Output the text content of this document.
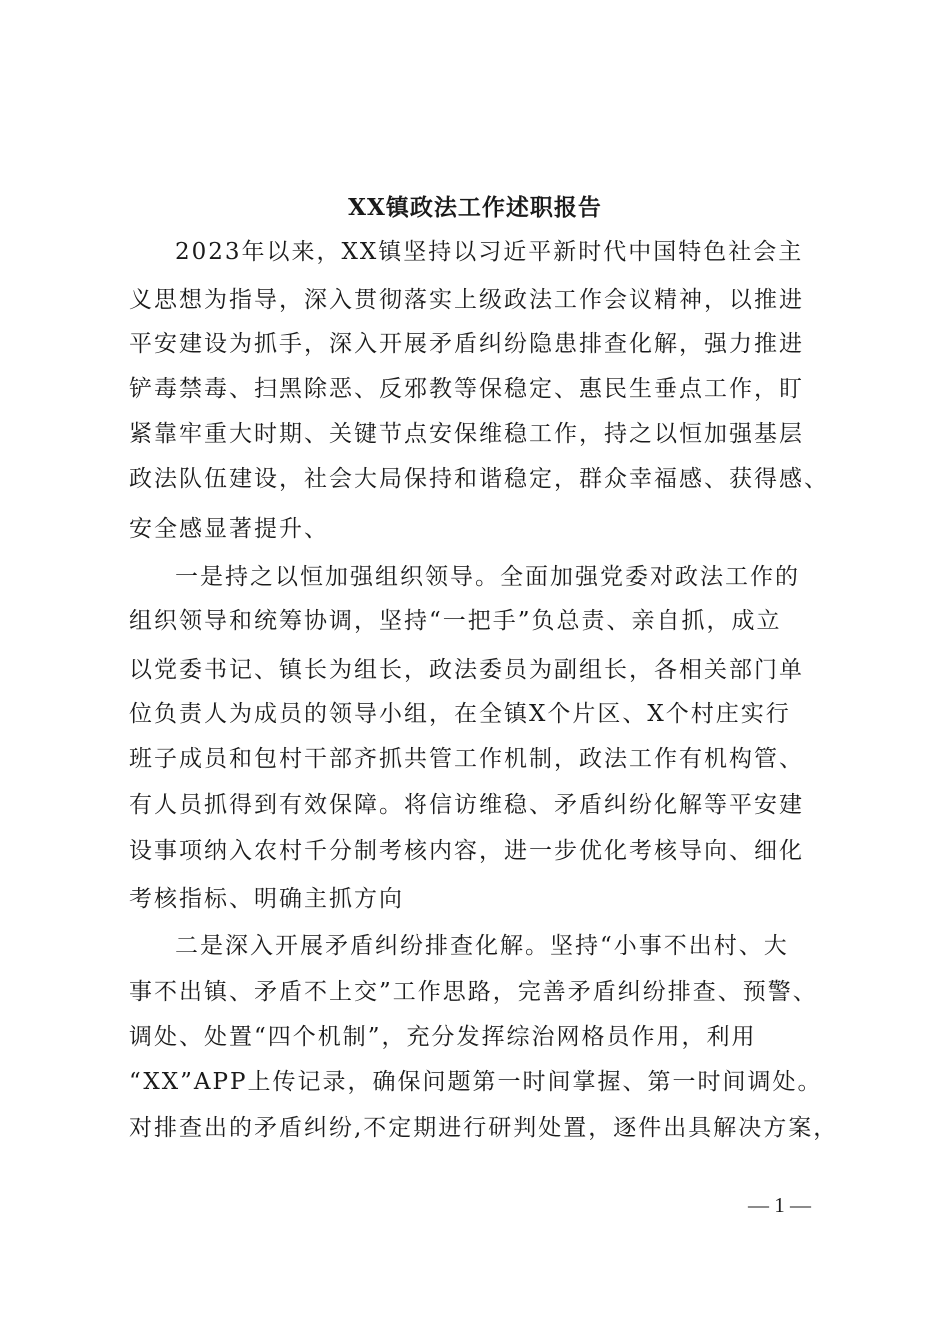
XX镇政法工作述职报告
2023年以来，XX镇坚持以习近平新时代中国特色社会主
义思想为指导，深入贯彻落实上级政法工作会议精神，以推进
平安建设为抓手，深入开展矛盾纠纷隐患排查化解，强力推进
铲毒禁毒、扫黑除恶、反邪教等保稳定、惠民生垂点工作，盯
紧靠牢重大时期、关键节点安保维稳工作，持之以恒加强基层
政法队伍建设，社会大局保持和谐稳定，群众幸福感、获得感、
安全感显著提升、
一是持之以恒加强组织领导。全面加强党委对政法工作的
组织领导和统筹协调，坚持“一把手”负总责、亲自抓，成立
以党委书记、镇长为组长，政法委员为副组长，各相关部门单
位负责人为成员的领导小组，在全镇X个片区、X个村庄实行
班子成员和包村干部齐抓共管工作机制，政法工作有机构管、
有人员抓得到有效保障。将信访维稳、矛盾纠纷化解等平安建
设事项纳入农村千分制考核内容，进一步优化考核导向、细化
考核指标、明确主抓方向
二是深入开展矛盾纠纷排查化解。坚持“小事不出村、大
事不出镇、矛盾不上交”工作思路，完善矛盾纠纷排查、预警、
调处、处置“四个机制”，充分发挥综治网格员作用，利用
“XX”APP上传记录，确保问题第一时间掌握、第一时间调处。
对排查出的矛盾纠纷,不定期进行研判处置，逐件出具解决方案，
— 1 —
